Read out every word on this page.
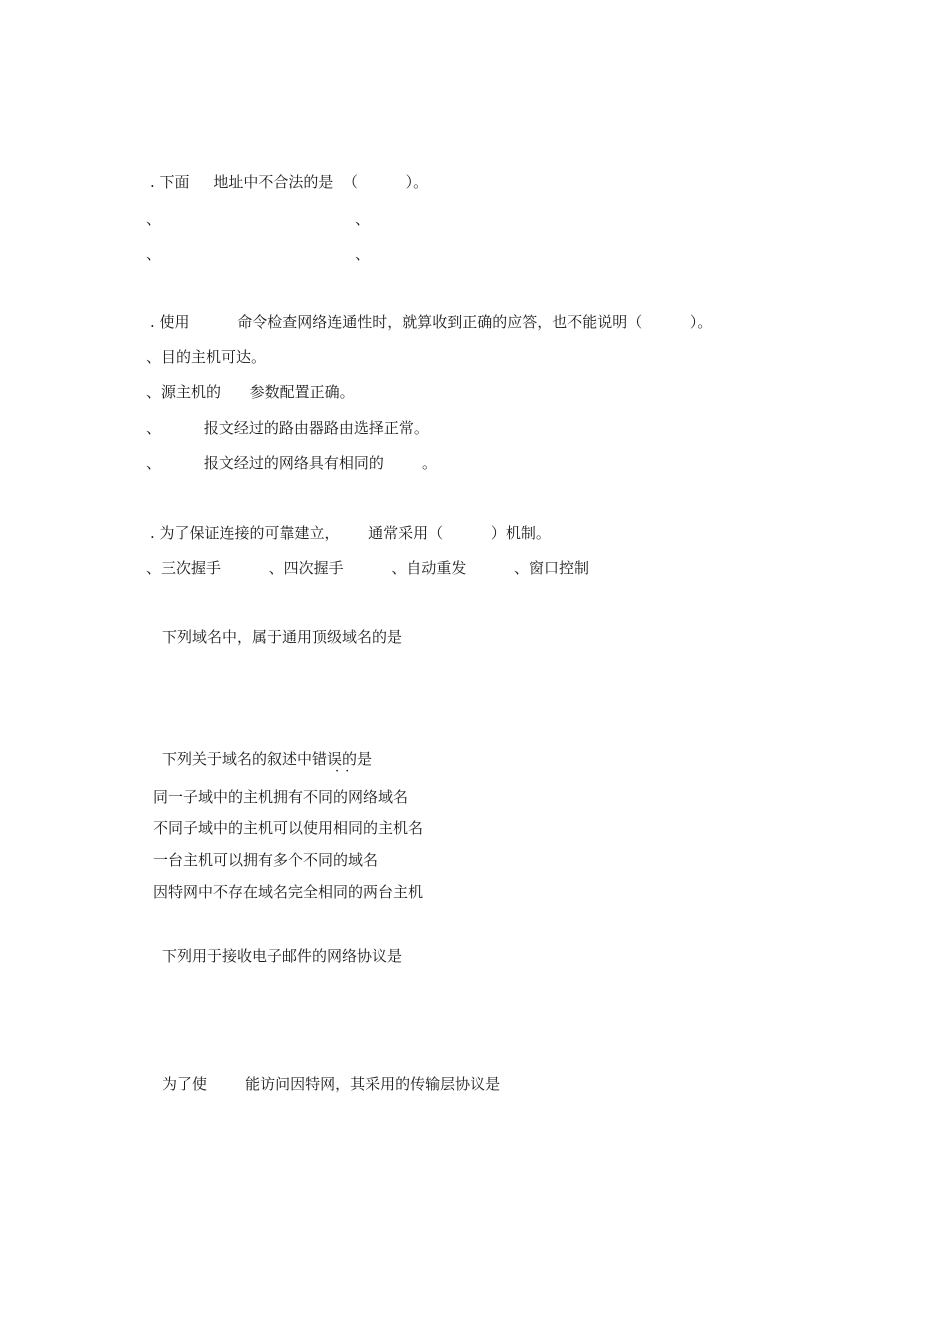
. 下面     地址中不合法的是  （          ）。
、	、
、	、
. 使用          命令检查网络连通性时，就算收到正确的应答，也不能说明（          ）。
、目的主机可达。
、源主机的      参数配置正确。
、         报文经过的路由器路由选择正常。
、         报文经过的网络具有相同的        。
. 为了保证连接的可靠建立，      通常采用（          ）机制。
、三次握手          、四次握手          、自动重发          、窗口控制
下列域名中，属于通用顶级域名的是
下列关于域名的叙述中错误的是
··
同一子域中的主机拥有不同的网络域名
不同子域中的主机可以使用相同的主机名
一台主机可以拥有多个不同的域名
因特网中不存在域名完全相同的两台主机
下列用于接收电子邮件的网络协议是
为了使        能访问因特网，其采用的传输层协议是
